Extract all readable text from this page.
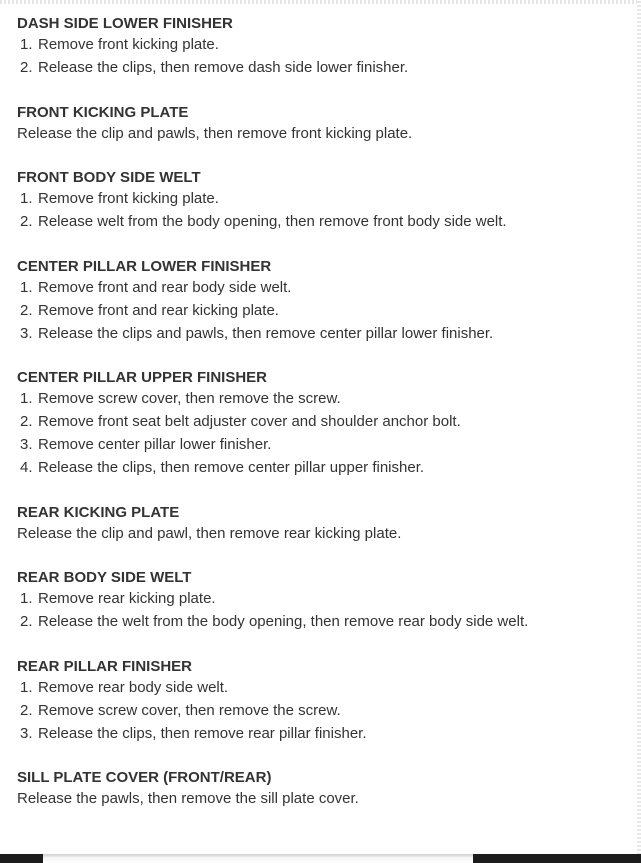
DASH SIDE LOWER FINISHER
1. Remove front kicking plate.
2. Release the clips, then remove dash side lower finisher.
FRONT KICKING PLATE
Release the clip and pawls, then remove front kicking plate.
FRONT BODY SIDE WELT
1. Remove front kicking plate.
2. Release welt from the body opening, then remove front body side welt.
CENTER PILLAR LOWER FINISHER
1. Remove front and rear body side welt.
2. Remove front and rear kicking plate.
3. Release the clips and pawls, then remove center pillar lower finisher.
CENTER PILLAR UPPER FINISHER
1. Remove screw cover, then remove the screw.
2. Remove front seat belt adjuster cover and shoulder anchor bolt.
3. Remove center pillar lower finisher.
4. Release the clips, then remove center pillar upper finisher.
REAR KICKING PLATE
Release the clip and pawl, then remove rear kicking plate.
REAR BODY SIDE WELT
1. Remove rear kicking plate.
2. Release the welt from the body opening, then remove rear body side welt.
REAR PILLAR FINISHER
1. Remove rear body side welt.
2. Remove screw cover, then remove the screw.
3. Release the clips, then remove rear pillar finisher.
SILL PLATE COVER (FRONT/REAR)
Release the pawls, then remove the sill plate cover.
